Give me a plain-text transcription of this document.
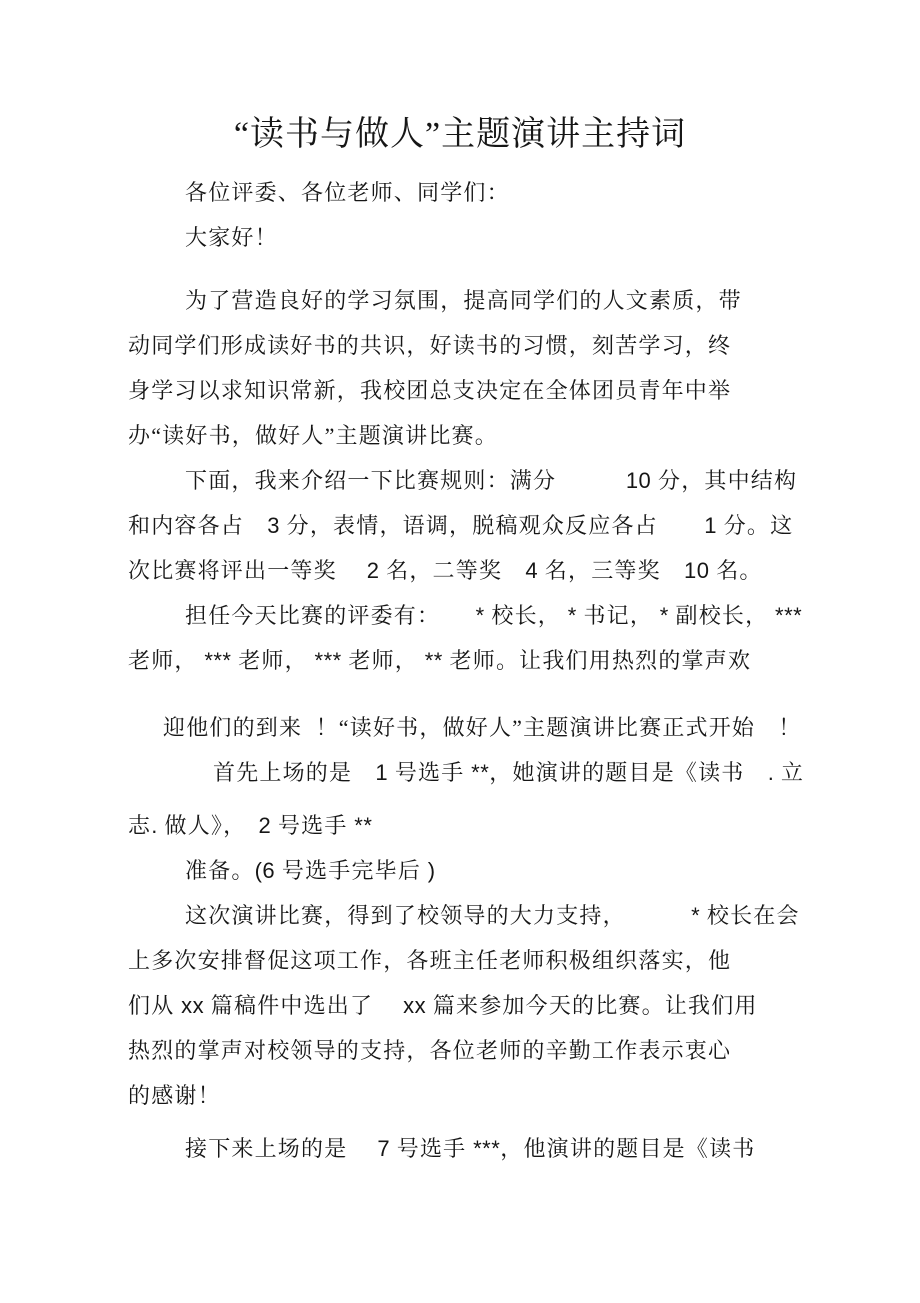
“读书与做人”主题演讲主持词
各位评委、各位老师、同学们：
大家好！
为了营造良好的学习氛围，提高同学们的人文素质，带
动同学们形成读好书的共识，好读书的习惯，刻苦学习，终
身学习以求知识常新，我校团总支决定在全体团员青年中举
办“读好书，做好人”主题演讲比赛。
下面，我来介绍一下比赛规则：满分　　　10 分，其中结构
和内容各占　3 分，表情，语调，脱稿观众反应各占　　1 分。这
次比赛将评出一等奖　 2 名，二等奖　4 名，三等奖　10 名。
担任今天比赛的评委有：　　* 校长， * 书记， * 副校长， ***
老师， *** 老师， *** 老师， ** 老师。让我们用热烈的掌声欢
迎他们的到来  ！“读好书，做好人”主题演讲比赛正式开始　！
首先上场的是　1 号选手 **，她演讲的题目是《读书　. 立
志. 做人》，　2 号选手 **
准备。(6 号选手完毕后 )
这次演讲比赛，得到了校领导的大力支持，　　　 * 校长在会
上多次安排督促这项工作，各班主任老师积极组织落实，他
们从 xx 篇稿件中选出了　 xx 篇来参加今天的比赛。让我们用
热烈的掌声对校领导的支持，各位老师的辛勤工作表示衷心
的感谢！
接下来上场的是　 7 号选手 ***，他演讲的题目是《读书
